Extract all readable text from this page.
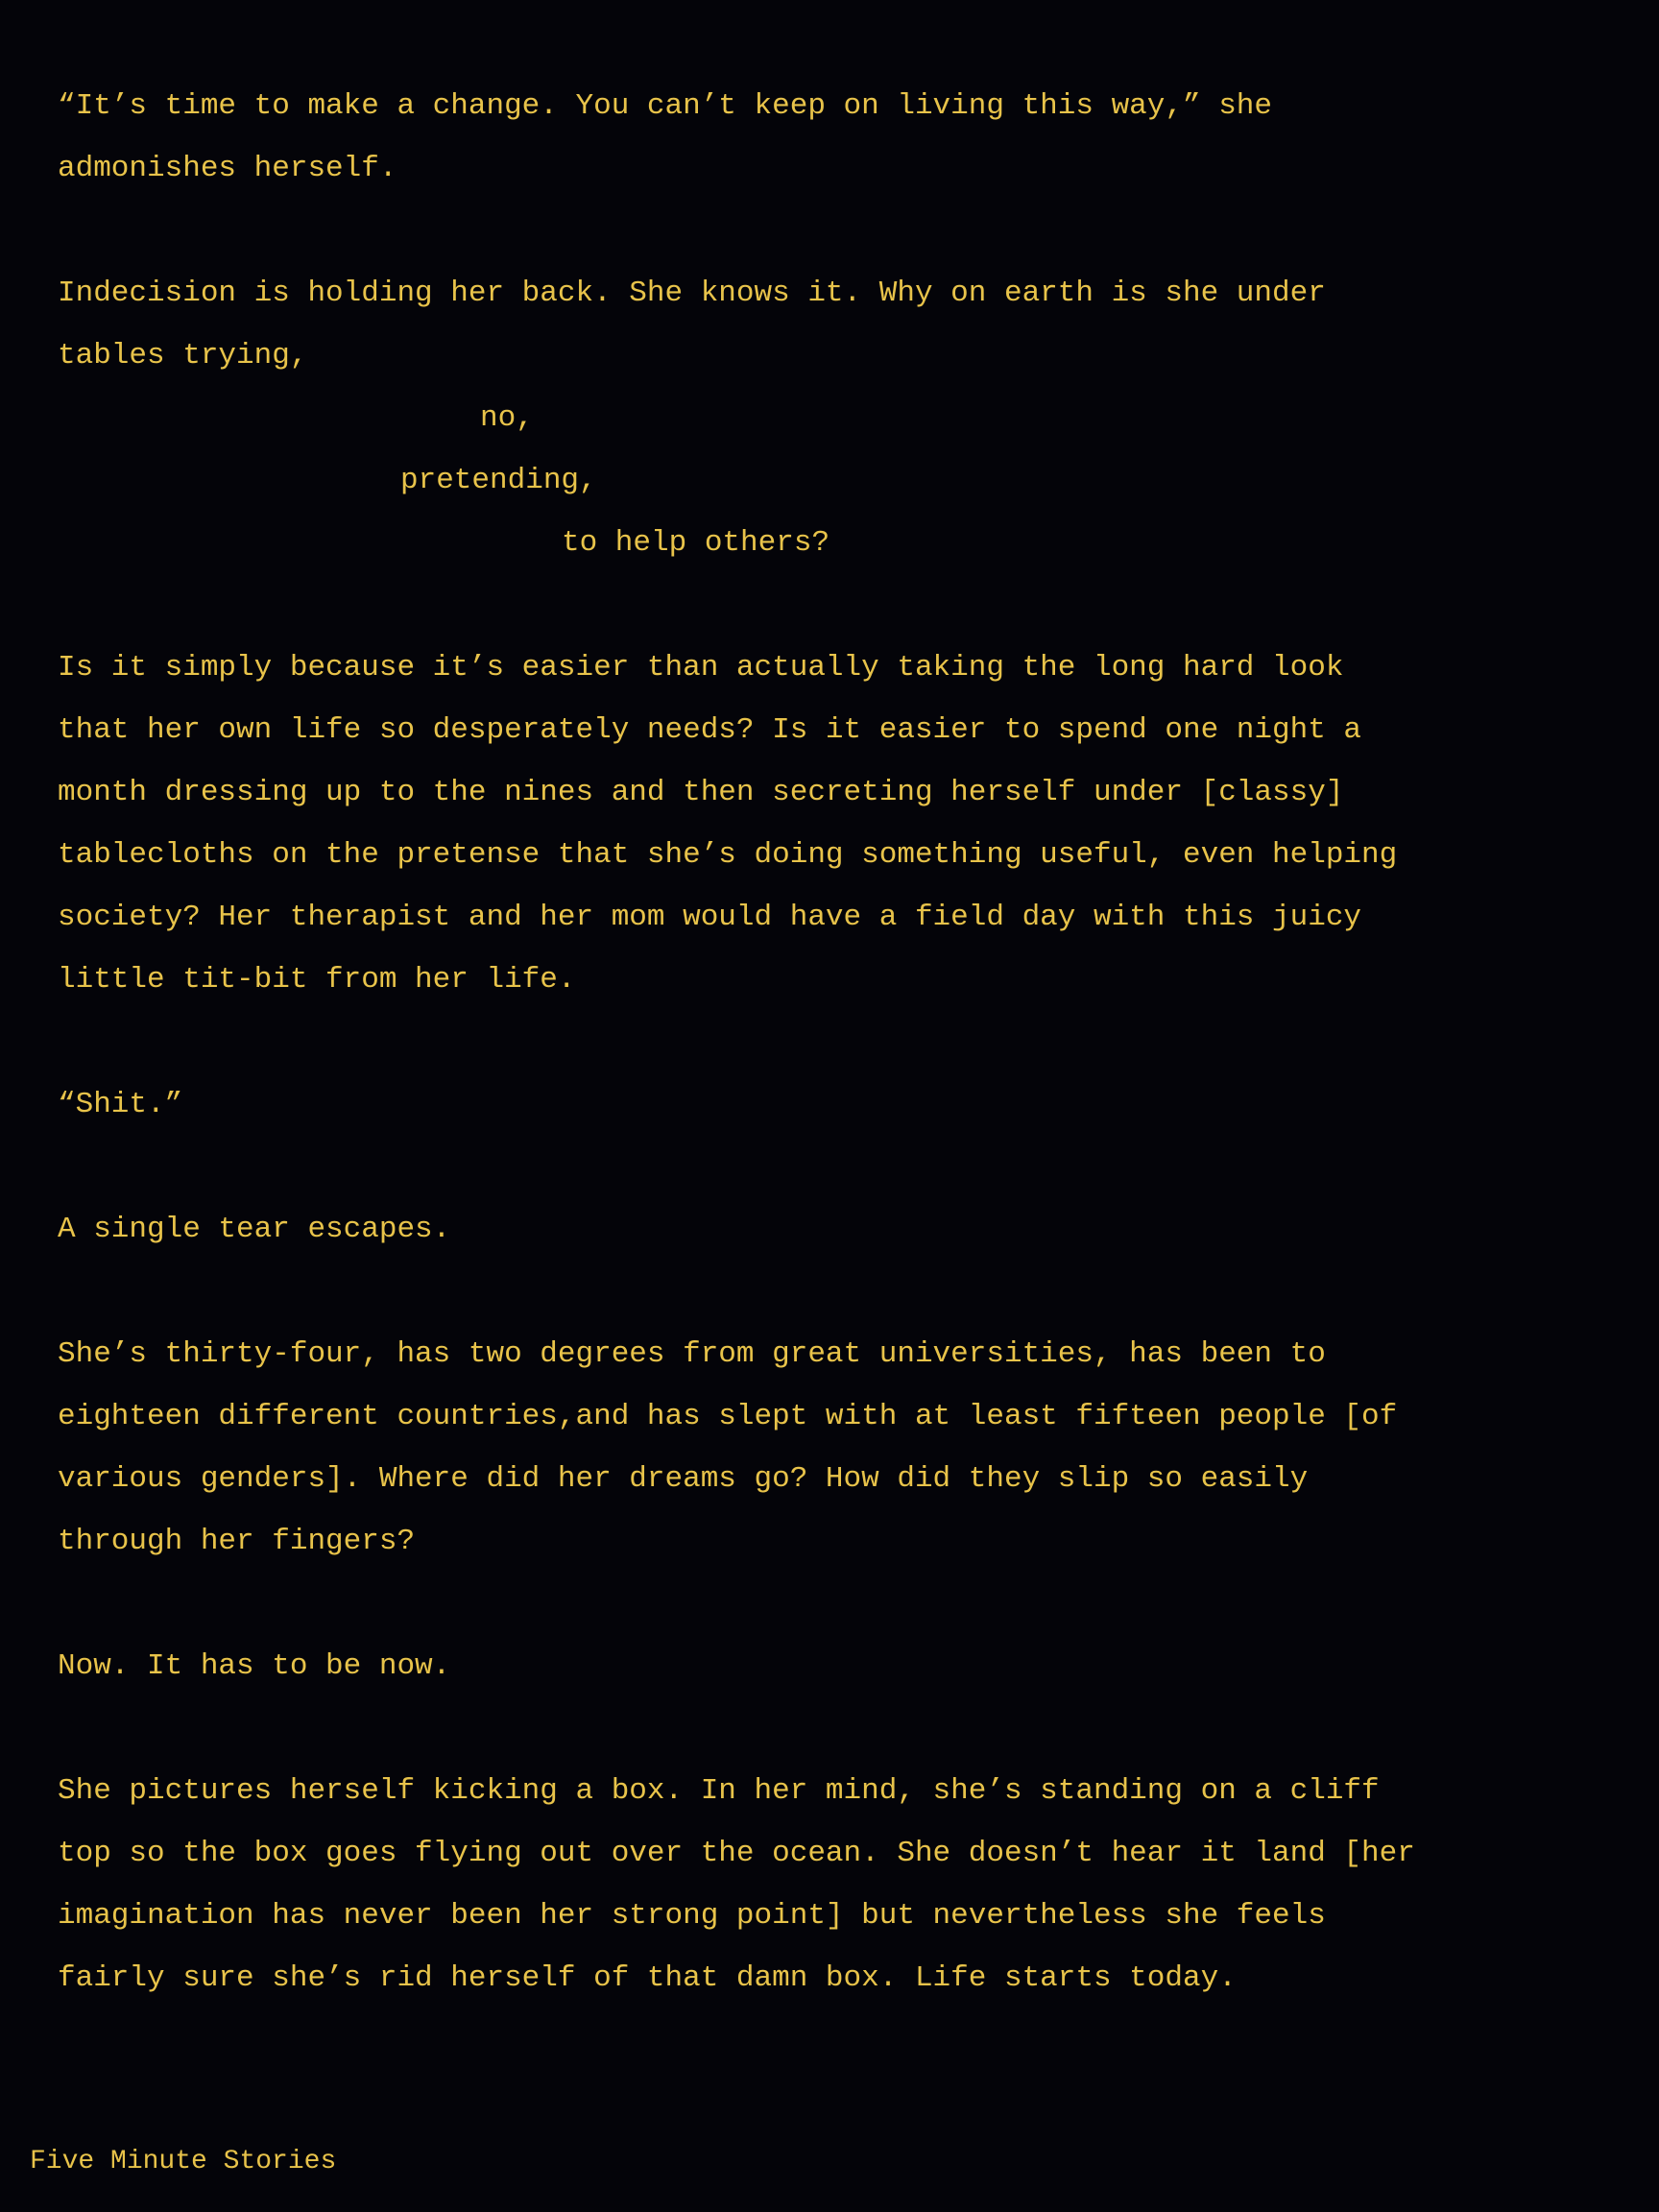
“It’s time to make a change. You can’t keep on living this way,” she
admonishes herself.
Indecision is holding her back. She knows it. Why on earth is she under
tables trying,
no,
pretending,
to help others?
Is it simply because it’s easier than actually taking the long hard look
that her own life so desperately needs? Is it easier to spend one night a
month dressing up to the nines and then secreting herself under [classy]
tablecloths on the pretense that she’s doing something useful, even helping
society? Her therapist and her mom would have a field day with this juicy
little tit-bit from her life.
“Shit.”
A single tear escapes.
She’s thirty-four, has two degrees from great universities, has been to
eighteen different countries,and has slept with at least fifteen people [of
various genders]. Where did her dreams go? How did they slip so easily
through her fingers?
Now. It has to be now.
She pictures herself kicking a box. In her mind, she’s standing on a cliff
top so the box goes flying out over the ocean. She doesn’t hear it land [her
imagination has never been her strong point] but nevertheless she feels
fairly sure she’s rid herself of that damn box. Life starts today.
Five Minute Stories
